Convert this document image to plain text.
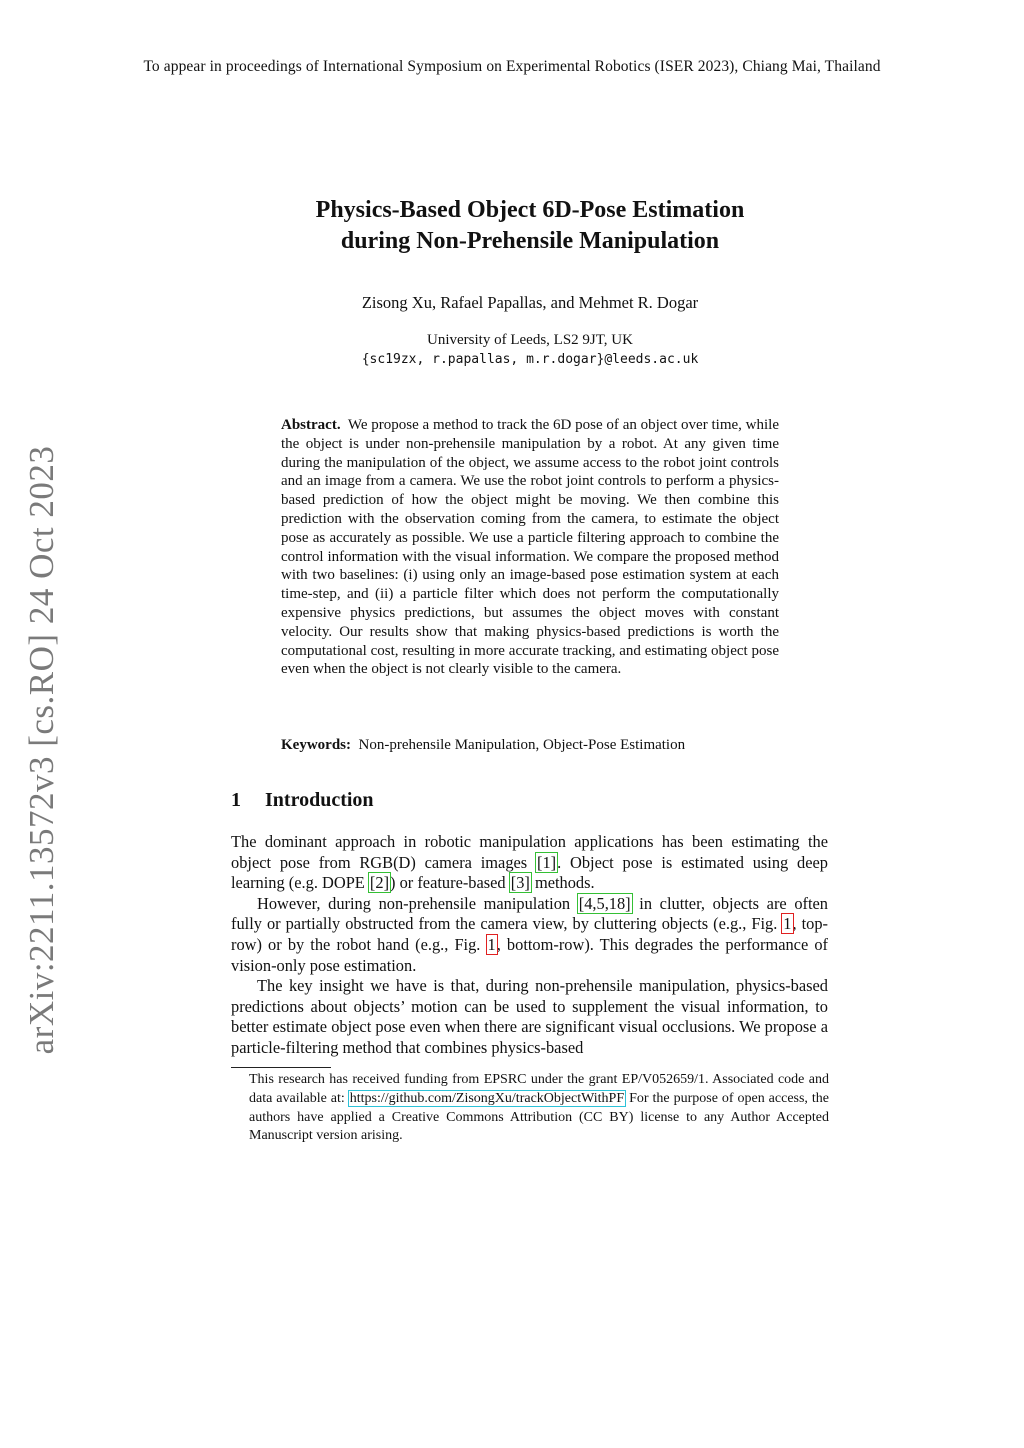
To appear in proceedings of International Symposium on Experimental Robotics (ISER 2023), Chiang Mai, Thailand
arXiv:2211.13572v3 [cs.RO] 24 Oct 2023
Physics-Based Object 6D-Pose Estimation
during Non-Prehensile Manipulation
Zisong Xu, Rafael Papallas, and Mehmet R. Dogar
University of Leeds, LS2 9JT, UK
{sc19zx, r.papallas, m.r.dogar}@leeds.ac.uk
Abstract. We propose a method to track the 6D pose of an object over time, while the object is under non-prehensile manipulation by a robot. At any given time during the manipulation of the object, we assume access to the robot joint controls and an image from a camera. We use the robot joint controls to perform a physics-based prediction of how the object might be moving. We then combine this prediction with the observation coming from the camera, to estimate the object pose as accurately as possible. We use a particle filtering approach to combine the control information with the visual information. We compare the proposed method with two baselines: (i) using only an image-based pose estimation system at each time-step, and (ii) a particle filter which does not perform the computationally expensive physics predictions, but assumes the object moves with constant velocity. Our results show that making physics-based predictions is worth the computational cost, resulting in more accurate tracking, and estimating object pose even when the object is not clearly visible to the camera.
Keywords: Non-prehensile Manipulation, Object-Pose Estimation
1 Introduction

The dominant approach in robotic manipulation applications has been estimating the object pose from RGB(D) camera images [1]. Object pose is estimated using deep learning (e.g. DOPE [2]) or feature-based [3] methods.

However, during non-prehensile manipulation [4,5,18] in clutter, objects are often fully or partially obstructed from the camera view, by cluttering objects (e.g., Fig. 1, top-row) or by the robot hand (e.g., Fig. 1, bottom-row). This degrades the performance of vision-only pose estimation.

The key insight we have is that, during non-prehensile manipulation, physics-based predictions about objects’ motion can be used to supplement the visual information, to better estimate object pose even when there are significant visual occlusions. We propose a particle-filtering method that combines physics-based

This research has received funding from EPSRC under the grant EP/V052659/1. Associated code and data available at: https://github.com/ZisongXu/trackObjectWithPF For the purpose of open access, the authors have applied a Creative Commons Attribution (CC BY) license to any Author Accepted Manuscript version arising.
